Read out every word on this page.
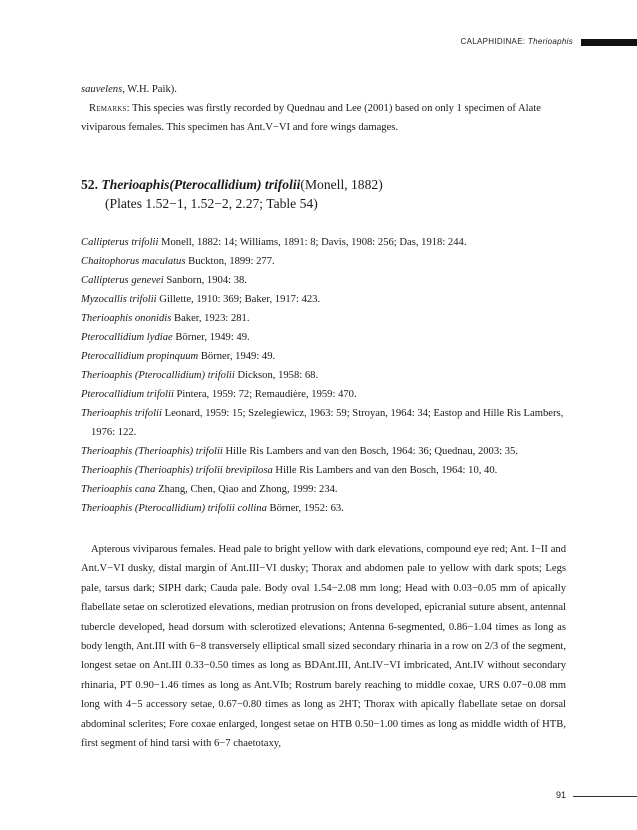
CALAPHIDINAE: Therioaphis

sauvelens, W.H. Paik).

Remarks: This species was firstly recorded by Quednau and Lee (2001) based on only 1 specimen of Alate viviparous females. This specimen has Ant.V−VI and fore wings damages.

52. Therioaphis(Pterocallidium) trifolii(Monell, 1882)
(Plates 1.52−1, 1.52−2, 2.27; Table 54)

Callipterus trifolii Monell, 1882: 14; Williams, 1891: 8; Davis, 1908: 256; Das, 1918: 244.

Chaitophorus maculatus Buckton, 1899: 277.

Callipterus genevei Sanborn, 1904: 38.

Myzocallis trifolii Gillette, 1910: 369; Baker, 1917: 423.

Therioaphis ononidis Baker, 1923: 281.

Pterocallidium lydiae Börner, 1949: 49.

Pterocallidium propinquum Börner, 1949: 49.

Therioaphis (Pterocallidium) trifolii Dickson, 1958: 68.

Pterocallidium trifolii Pintera, 1959: 72; Remaudière, 1959: 470.

Therioaphis trifolii Leonard, 1959: 15; Szelegiewicz, 1963: 59; Stroyan, 1964: 34; Eastop and Hille Ris Lambers, 1976: 122.

Therioaphis (Therioaphis) trifolii Hille Ris Lambers and van den Bosch, 1964: 36; Quednau, 2003: 35.

Therioaphis (Therioaphis) trifolii brevipilosa Hille Ris Lambers and van den Bosch, 1964: 10, 40.

Therioaphis cana Zhang, Chen, Qiao and Zhong, 1999: 234.

Therioaphis (Pterocallidium) trifolii collina Börner, 1952: 63.

Apterous viviparous females. Head pale to bright yellow with dark elevations, compound eye red; Ant. I−II and Ant.V−VI dusky, distal margin of Ant.III−VI dusky; Thorax and abdomen pale to yellow with dark spots; Legs pale, tarsus dark; SIPH dark; Cauda pale. Body oval 1.54−2.08 mm long; Head with 0.03−0.05 mm of apically flabellate setae on sclerotized elevations, median protrusion on frons developed, epicranial suture absent, antennal tubercle developed, head dorsum with sclerotized elevations; Antenna 6-segmented, 0.86−1.04 times as long as body length, Ant.III with 6−8 transversely elliptical small sized secondary rhinaria in a row on 2/3 of the segment, longest setae on Ant.III 0.33−0.50 times as long as BDAnt.III, Ant.IV−VI imbricated, Ant.IV without secondary rhinaria, PT 0.90−1.46 times as long as Ant.VIb; Rostrum barely reaching to middle coxae, URS 0.07−0.08 mm long with 4−5 accessory setae, 0.67−0.80 times as long as 2HT; Thorax with apically flabellate setae on dorsal abdominal sclerites; Fore coxae enlarged, longest setae on HTB 0.50−1.00 times as long as middle width of HTB, first segment of hind tarsi with 6−7 chaetotaxy,

91
